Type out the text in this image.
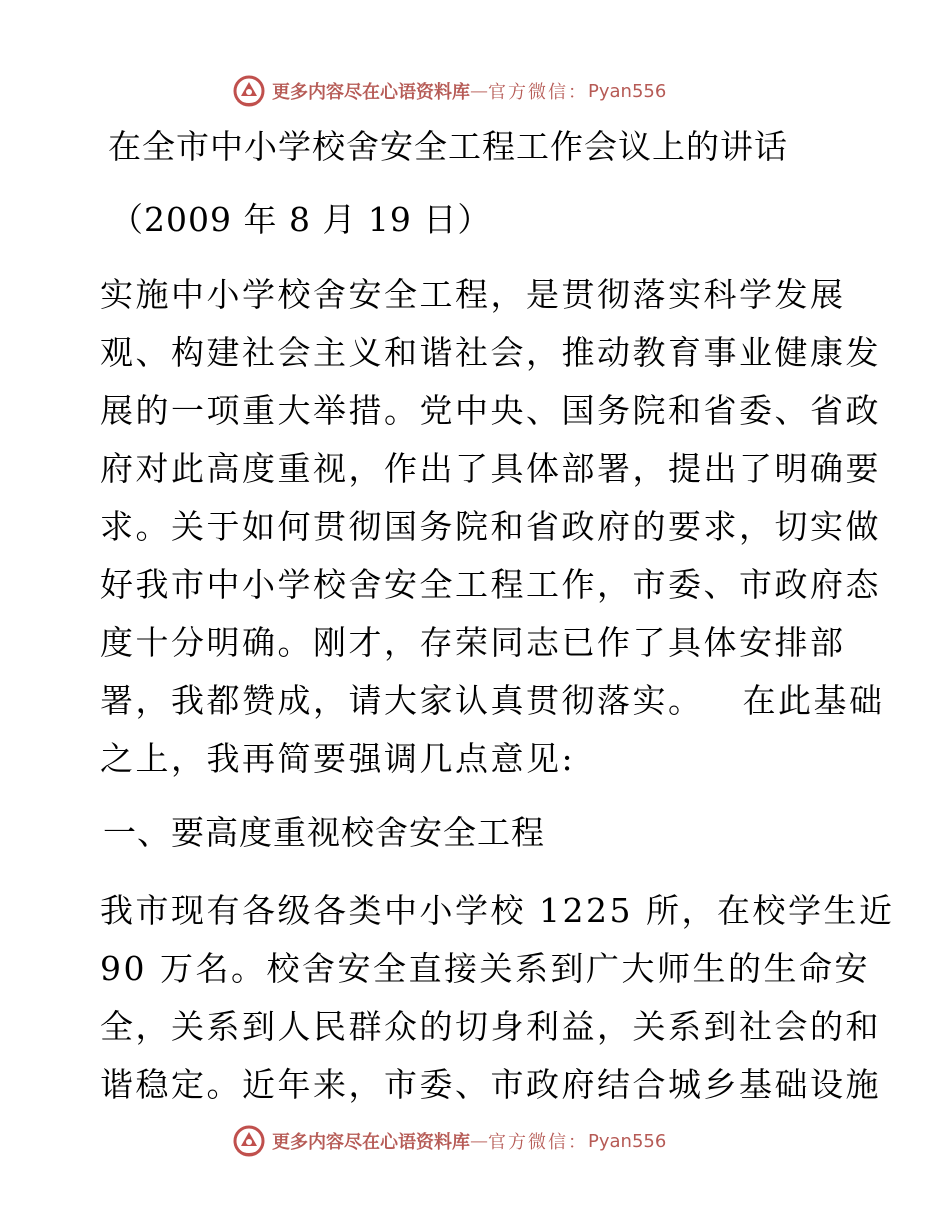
更多内容尽在心语资料库 — 官方微信： Pyan556
在全市中小学校舍安全工程工作会议上的讲话
（2009 年 8 月 19 日）
实施中小学校舍安全工程，是贯彻落实科学发展
观、构建社会主义和谐社会，推动教育事业健康发
展的一项重大举措。党中央、国务院和省委、省政
府对此高度重视，作出了具体部署，提出了明确要
求。关于如何贯彻国务院和省政府的要求，切实做
好我市中小学校舍安全工程工作，市委、市政府态
度十分明确。刚才，存荣同志已作了具体安排部
署，我都赞成，请大家认真贯彻落实。   在此基础
之上，我再简要强调几点意见:
一、要高度重视校舍安全工程
我市现有各级各类中小学校 1225 所，在校学生近
90 万名。校舍安全直接关系到广大师生的生命安
全，关系到人民群众的切身利益，关系到社会的和
谐稳定。近年来，市委、市政府结合城乡基础设施
更多内容尽在心语资料库 — 官方微信： Pyan556
